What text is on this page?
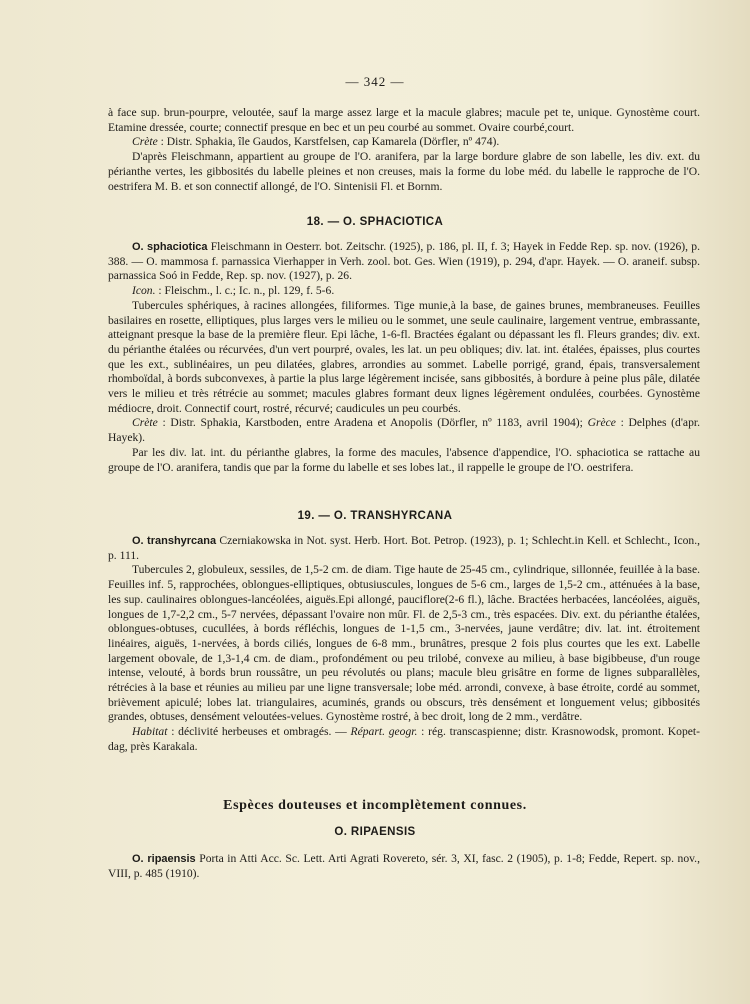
— 342 —

à face sup. brun-pourpre, veloutée, sauf la marge assez large et la macule glabres; macule pet te, unique. Gynostème court. Etamine dressée, courte; connectif presque en bec et un peu courbé au sommet. Ovaire courbé,court.

Crète : Distr. Sphakia, île Gaudos, Karstfelsen, cap Kamarela (Dörfler, nº 474).

D'après Fleischmann, appartient au groupe de l'O. aranifera, par la large bordure glabre de son labelle, les div. ext. du périanthe vertes, les gibbosités du labelle pleines et non creuses, mais la forme du lobe méd. du labelle le rapproche de l'O. oestrifera M. B. et son connectif allongé, de l'O. Sintenisii Fl. et Bornm.

18. — O. SPHACIOTICA

O. sphaciotica Fleischmann in Oesterr. bot. Zeitschr. (1925), p. 186, pl. II, f. 3; Hayek in Fedde Rep. sp. nov. (1926), p. 388. — O. mammosa f. parnassica Vierhapper in Verh. zool. bot. Ges. Wien (1919), p. 294, d'apr. Hayek. — O. araneif. subsp. parnassica Soó in Fedde, Rep. sp. nov. (1927), p. 26.

Icon. : Fleischm., l. c.; Ic. n., pl. 129, f. 5-6.

Tubercules sphériques, à racines allongées, filiformes. Tige munie,à la base, de gaines brunes, membraneuses. Feuilles basilaires en rosette, elliptiques, plus larges vers le milieu ou le sommet, une seule caulinaire, largement ventrue, embrassante, atteignant presque la base de la première fleur. Epi lâche, 1-6-fl. Bractées égalant ou dépassant les fl. Fleurs grandes; div. ext. du périanthe étalées ou récurvées, d'un vert pourpré, ovales, les lat. un peu obliques; div. lat. int. étalées, épaisses, plus courtes que les ext., sublinéaires, un peu dilatées, glabres, arrondies au sommet. Labelle porrigé, grand, épais, transversalement rhomboïdal, à bords subconvexes, à partie la plus large légèrement incisée, sans gibbosités, à bordure à peine plus pâle, dilatée vers le milieu et très rétrécie au sommet; macules glabres formant deux lignes légèrement ondulées, courbées. Gynostème médiocre, droit. Connectif court, rostré, récurvé; caudicules un peu courbés.

Crète : Distr. Sphakia, Karstboden, entre Aradena et Anopolis (Dörfler, nº 1183, avril 1904); Grèce : Delphes (d'apr. Hayek).

Par les div. lat. int. du périanthe glabres, la forme des macules, l'absence d'appendice, l'O. sphaciotica se rattache au groupe de l'O. aranifera, tandis que par la forme du labelle et ses lobes lat., il rappelle le groupe de l'O. oestrifera.

19. — O. TRANSHYRCANA

O. transhyrcana Czerniakowska in Not. syst. Herb. Hort. Bot. Petrop. (1923), p. 1; Schlecht.in Kell. et Schlecht., Icon., p. 111.

Tubercules 2, globuleux, sessiles, de 1,5-2 cm. de diam. Tige haute de 25-45 cm., cylindrique, sillonnée, feuillée à la base. Feuilles inf. 5, rapprochées, oblongues-elliptiques, obtusiuscules, longues de 5-6 cm., larges de 1,5-2 cm., atténuées à la base, les sup. caulinaires oblongues-lancéolées, aiguës.Epi allongé, pauciflore(2-6 fl.), lâche. Bractées herbacées, lancéolées, aiguës, longues de 1,7-2,2 cm., 5-7 nervées, dépassant l'ovaire non mûr. Fl. de 2,5-3 cm., très espacées. Div. ext. du périanthe étalées, oblongues-obtuses, cucullées, à bords réfléchis, longues de 1-1,5 cm., 3-nervées, jaune verdâtre; div. lat. int. étroitement linéaires, aiguës, 1-nervées, à bords ciliés, longues de 6-8 mm., brunâtres, presque 2 fois plus courtes que les ext. Labelle largement obovale, de 1,3-1,4 cm. de diam., profondément ou peu trilobé, convexe au milieu, à base bigibbeuse, d'un rouge intense, velouté, à bords brun roussâtre, un peu révolutés ou plans; macule bleu grisâtre en forme de lignes subparallèles, rétrécies à la base et réunies au milieu par une ligne transversale; lobe méd. arrondi, convexe, à base étroite, cordé au sommet, brièvement apiculé; lobes lat. triangulaires, acuminés, grands ou obscurs, très densément et longuement velus; gibbosités grandes, obtuses, densément veloutées-velues. Gynostème rostré, à bec droit, long de 2 mm., verdâtre.

Habitat : déclivité herbeuses et ombragés. — Répart. geogr. : rég. transcaspienne; distr. Krasnowodsk, promont. Kopet-dag, près Karakala.

Espèces douteuses et incomplètement connues.
O. RIPAENSIS

O. ripaensis Porta in Atti Acc. Sc. Lett. Arti Agrati Rovereto, sér. 3, XI, fasc. 2 (1905), p. 1-8; Fedde, Repert. sp. nov., VIII, p. 485 (1910).
